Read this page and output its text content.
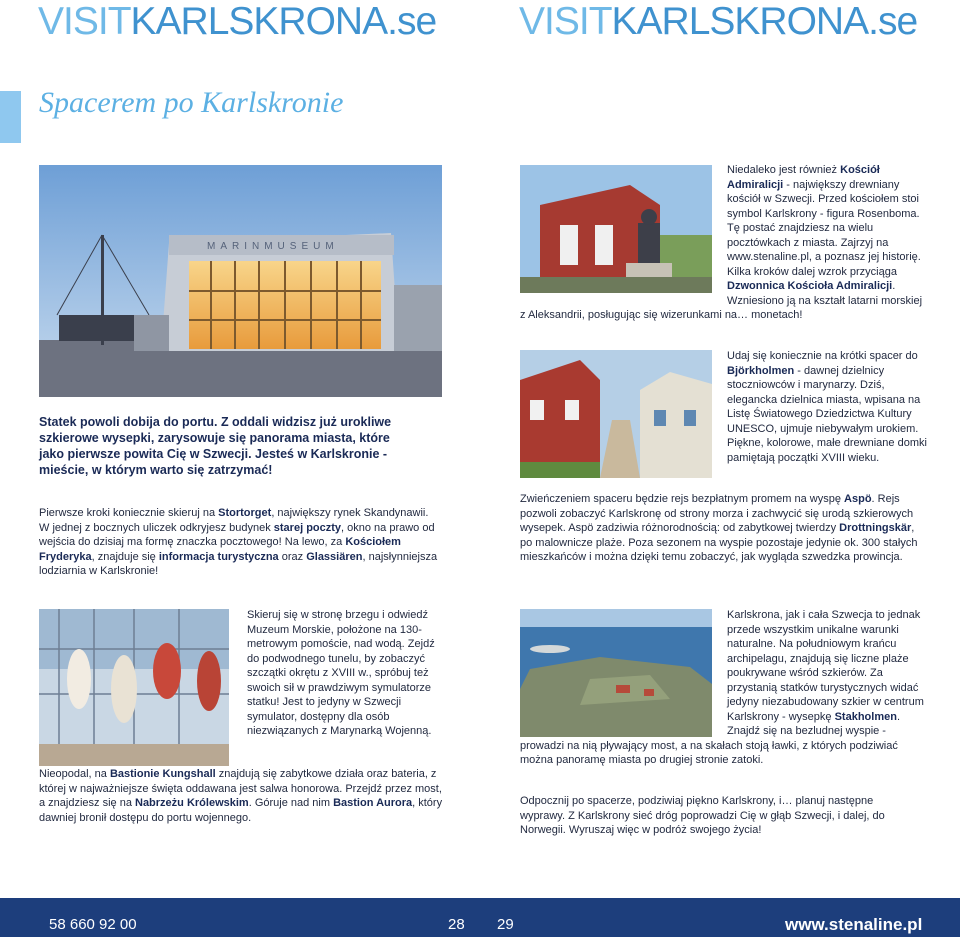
VISITKARLSKRONA.se VISITKARLSKRONA.se
Spacerem po Karlskronie
MARINMUSEUM
Statek powoli dobija do portu. Z oddali widzisz już urokliwe szkierowe wysepki, zarysowuje się panorama miasta, które jako pierwsze powita Cię w Szwecji. Jesteś w Karlskronie - mieście, w którym warto się zatrzymać!

Pierwsze kroki koniecznie skieruj na Stortorget, największy rynek Skandynawii. W jednej z bocznych uliczek odkryjesz budynek starej poczty, okno na prawo od wejścia do dzisiaj ma formę znaczka pocztowego! Na lewo, za Kościołem Fryderyka, znajduje się informacja turystyczna oraz Glassiären, najsłynniejsza lodziarnia w Karlskronie!

Skieruj się w stronę brzegu i odwiedź Muzeum Morskie, położone na 130-metrowym pomoście, nad wodą. Zejdź do podwodnego tunelu, by zobaczyć szczątki okrętu z XVIII w., spróbuj też swoich sił w prawdziwym symulatorze statku! Jest to jedyny w Szwecji symulator, dostępny dla osób niezwiązanych z Marynarką Wojenną.

Nieopodal, na Bastionie Kungshall znajdują się zabytkowe działa oraz bateria, z której w najważniejsze święta oddawana jest salwa honorowa. Przejdź przez most, a znajdziesz się na Nabrzeżu Królewskim. Góruje nad nim Bastion Aurora, który dawniej bronił dostępu do portu wojennego.

Niedaleko jest również Kościół Admiralicji - największy drewniany kościół w Szwecji. Przed kościołem stoi symbol Karlskrony - figura Rosenboma. Tę postać znajdziesz na wielu pocztówkach z miasta. Zajrzyj na www.stenaline.pl, a poznasz jej historię. Kilka kroków dalej wzrok przyciąga Dzwonnica Kościoła Admiralicji. Wzniesiono ją na kształt latarni morskiej z Aleksandrii, posługując się wizerunkami na… monetach!

Udaj się koniecznie na krótki spacer do Björkholmen - dawnej dzielnicy stoczniowców i marynarzy. Dziś, elegancka dzielnica miasta, wpisana na Listę Światowego Dziedzictwa Kultury UNESCO, ujmuje niebywałym urokiem. Piękne, kolorowe, małe drewniane domki pamiętają początki XVIII wieku.

Zwieńczeniem spaceru będzie rejs bezpłatnym promem na wyspę Aspö. Rejs pozwoli zobaczyć Karlskronę od strony morza i zachwycić się urodą szkierowych wysepek. Aspö zadziwia różnorodnością: od zabytkowej twierdzy Drottningskär, po malownicze plaże. Poza sezonem na wyspie pozostaje jedynie ok. 300 stałych mieszkańców i można dzięki temu zobaczyć, jak wygląda szwedzka prowincja.

Karlskrona, jak i cała Szwecja to jednak przede wszystkim unikalne warunki naturalne. Na południowym krańcu archipelagu, znajdują się liczne plaże poukrywane wśród szkierów. Za przystanią statków turystycznych widać jedyny niezabudowany szkier w centrum Karlskrony - wysepkę Stakholmen. Znajdź się na bezludnej wyspie - prowadzi na nią pływający most, a na skałach stoją ławki, z których podziwiać można panoramę miasta po drugiej stronie zatoki.

Odpocznij po spacerze, podziwiaj piękno Karlskrony, i… planuj następne wyprawy. Z Karlskrony sieć dróg poprowadzi Cię w głąb Szwecji, i dalej, do Norwegii. Wyruszaj więc w podróż swojego życia!

58 660 92 00	28 29	www.stenaline.pl
